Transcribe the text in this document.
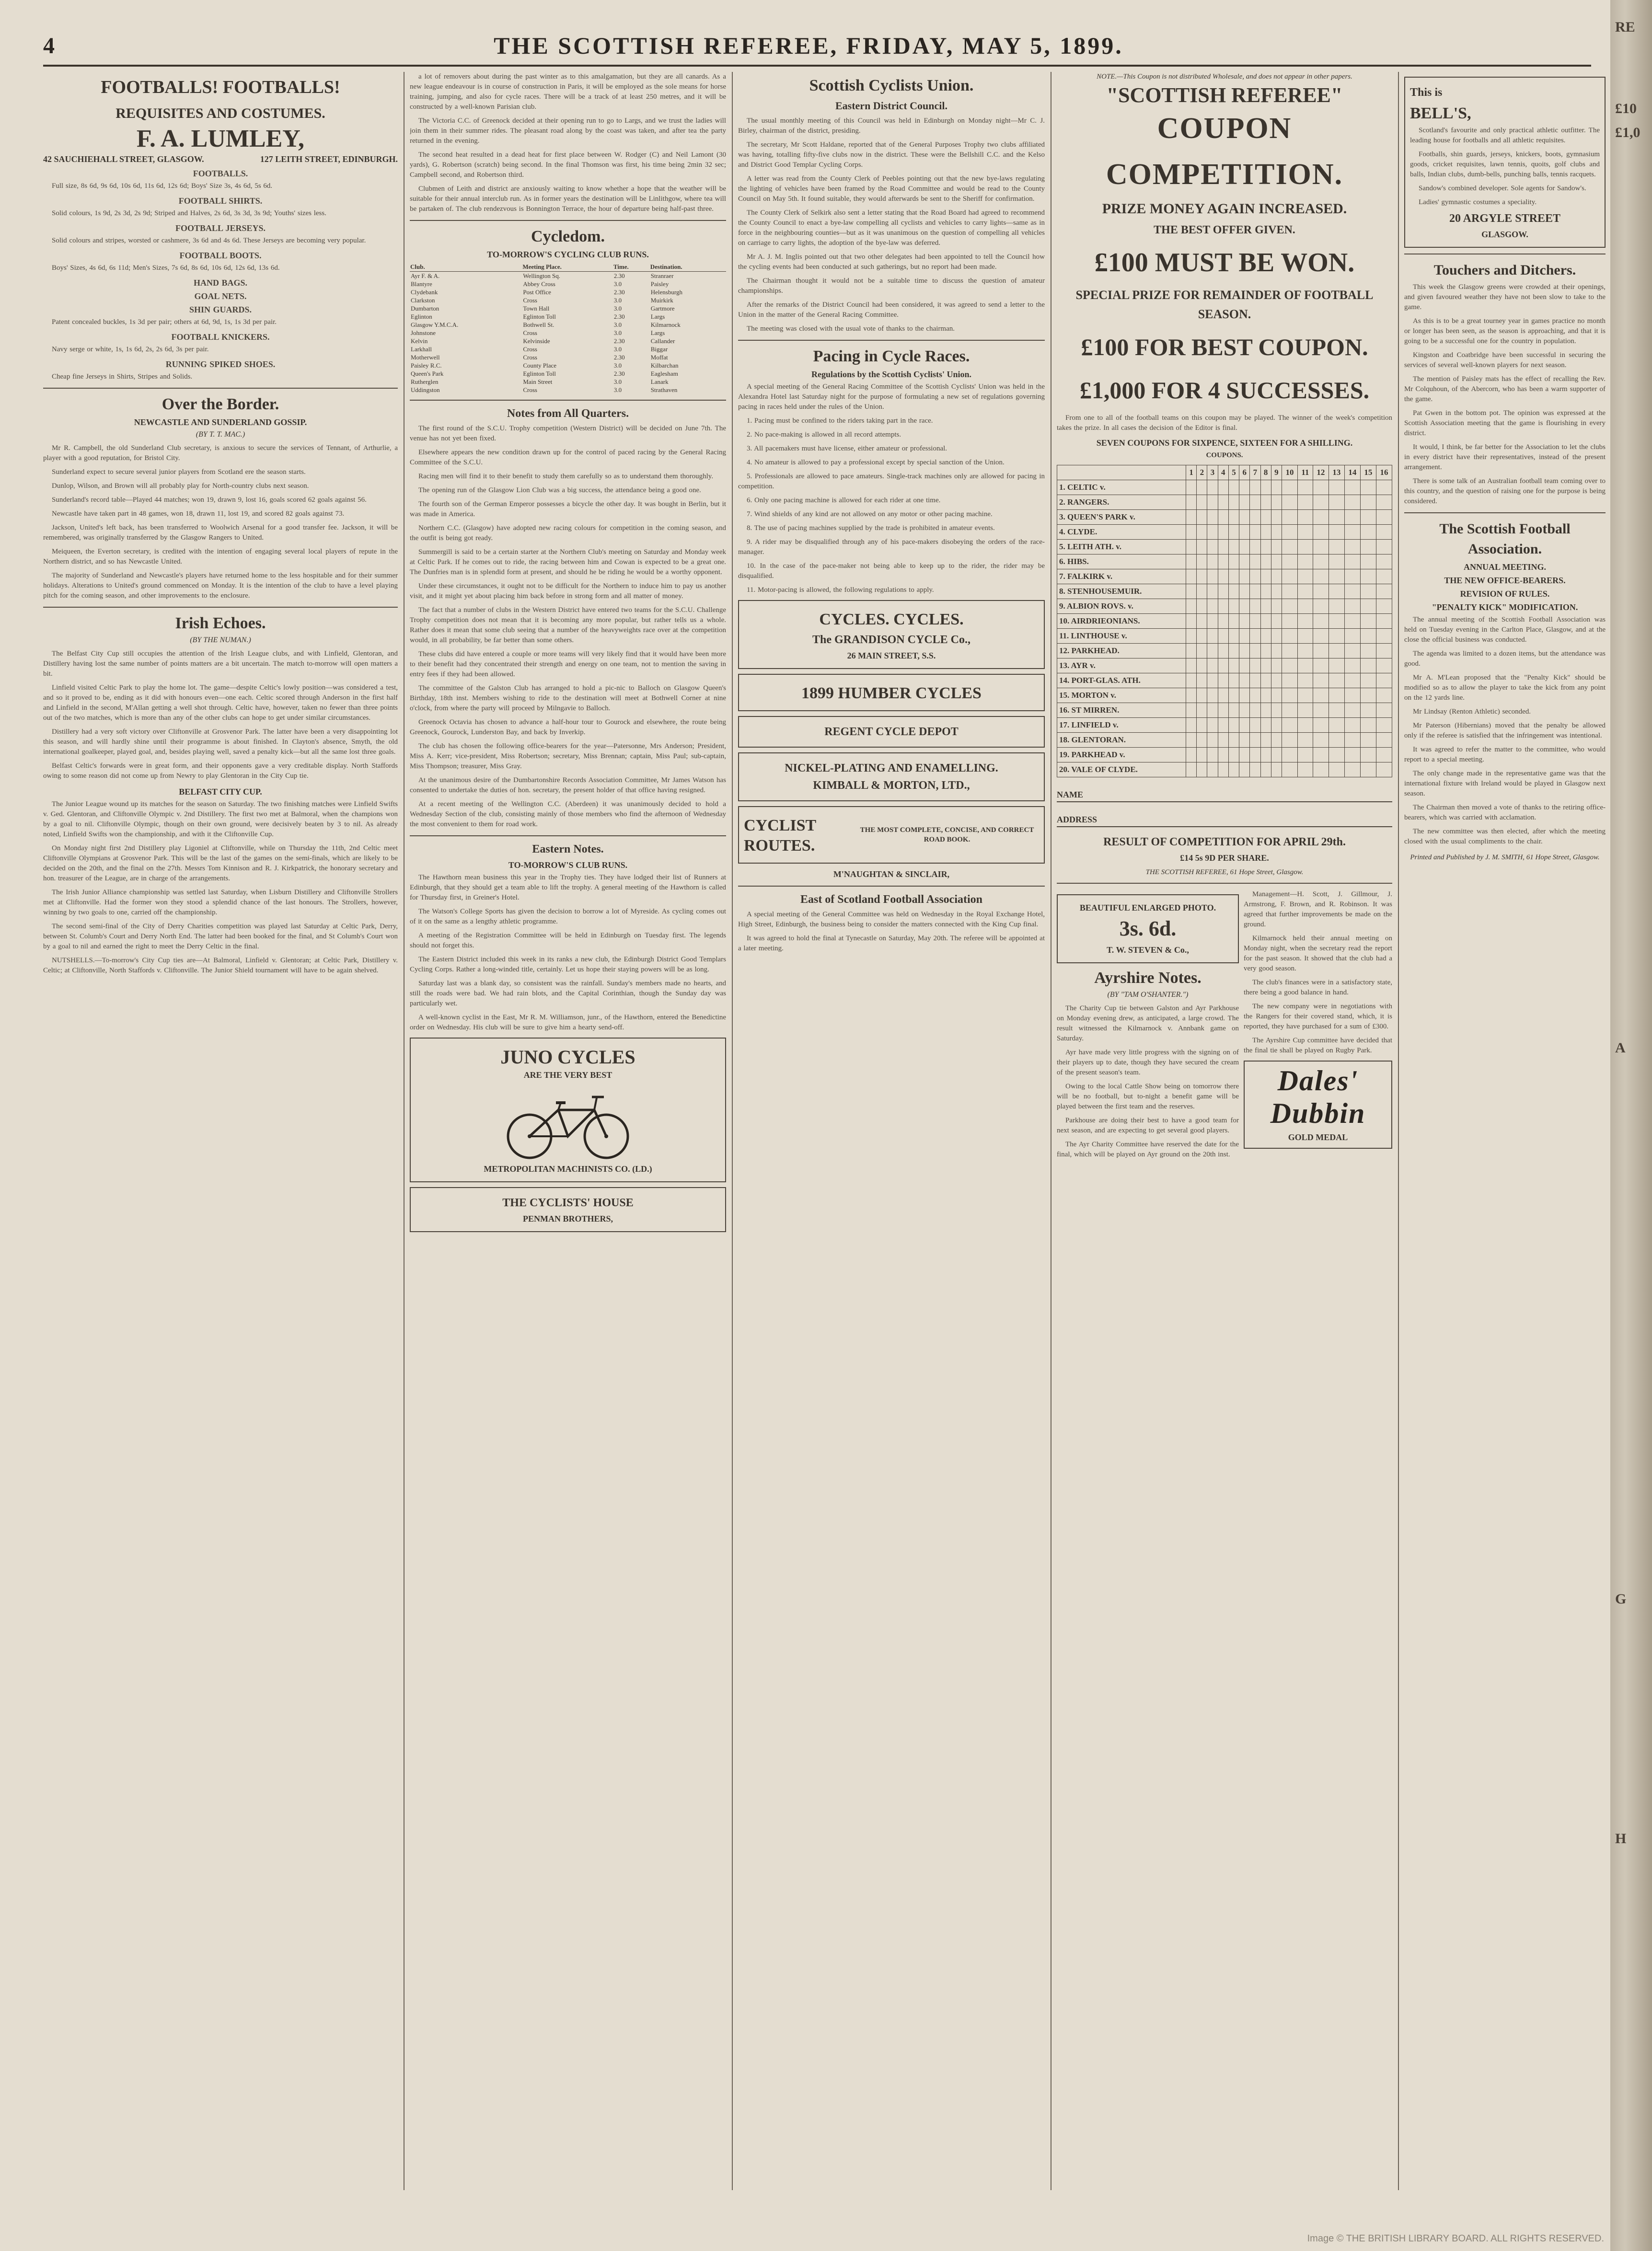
4	THE SCOTTISH REFEREE, FRIDAY, MAY 5, 1899.
FOOTBALLS! FOOTBALLS!
REQUISITES AND COSTUMES.
F. A. LUMLEY,
42 SAUCHIEHALL STREET, GLASGOW.	127 LEITH STREET, EDINBURGH.
FOOTBALLS.

Full size, 8s 6d, 9s 6d, 10s 6d, 11s 6d, 12s 6d; Boys' Size 3s, 4s 6d, 5s 6d.

FOOTBALL SHIRTS.

Solid colours, 1s 9d, 2s 3d, 2s 9d; Striped and Halves, 2s 6d, 3s 3d, 3s 9d; Youths' sizes less.

FOOTBALL JERSEYS.

Solid colours and stripes, worsted or cashmere, 3s 6d and 4s 6d. These Jerseys are becoming very popular.

FOOTBALL BOOTS.

Boys' Sizes, 4s 6d, 6s 11d; Men's Sizes, 7s 6d, 8s 6d, 10s 6d, 12s 6d, 13s 6d.

HAND BAGS.
GOAL NETS.
SHIN GUARDS.

Patent concealed buckles, 1s 3d per pair; others at 6d, 9d, 1s, 1s 3d per pair.

FOOTBALL KNICKERS.

Navy serge or white, 1s, 1s 6d, 2s, 2s 6d, 3s per pair.

RUNNING SPIKED SHOES.

Cheap fine Jerseys in Shirts, Stripes and Solids.

Over the Border.
NEWCASTLE AND SUNDERLAND GOSSIP.
(BY T. T. MAC.)

Mr R. Campbell, the old Sunderland Club secretary, is anxious to secure the services of Tennant, of Arthurlie, a player with a good reputation, for Bristol City.

Sunderland expect to secure several junior players from Scotland ere the season starts.

Dunlop, Wilson, and Brown will all probably play for North-country clubs next season.

Sunderland's record table—Played 44 matches; won 19, drawn 9, lost 16, goals scored 62 goals against 56.

Newcastle have taken part in 48 games, won 18, drawn 11, lost 19, and scored 82 goals against 73.

Jackson, United's left back, has been transferred to Woolwich Arsenal for a good transfer fee. Jackson, it will be remembered, was originally transferred by the Glasgow Rangers to United.

Meiqueen, the Everton secretary, is credited with the intention of engaging several local players of repute in the Northern district, and so has Newcastle United.

The majority of Sunderland and Newcastle's players have returned home to the less hospitable and for their summer holidays. Alterations to United's ground commenced on Monday. It is the intention of the club to have a level playing pitch for the coming season, and other improvements to the enclosure.

Irish Echoes.
(BY THE NUMAN.)

The Belfast City Cup still occupies the attention of the Irish League clubs, and with Linfield, Glentoran, and Distillery having lost the same number of points matters are a bit uncertain. The match to-morrow will open matters a bit.

Linfield visited Celtic Park to play the home lot. The game—despite Celtic's lowly position—was considered a test, and so it proved to be, ending as it did with honours even—one each. Celtic scored through Anderson in the first half and Linfield in the second, M'Allan getting a well shot through. Celtic have, however, taken no fewer than three points out of the two matches, which is more than any of the other clubs can hope to get under similar circumstances.

Distillery had a very soft victory over Cliftonville at Grosvenor Park. The latter have been a very disappointing lot this season, and will hardly shine until their programme is about finished. In Clayton's absence, Smyth, the old international goalkeeper, played goal, and, besides playing well, saved a penalty kick—but all the same lost three goals.

Belfast Celtic's forwards were in great form, and their opponents gave a very creditable display. North Staffords owing to some reason did not come up from Newry to play Glentoran in the City Cup tie.

BELFAST CITY CUP.

The Junior League wound up its matches for the season on Saturday. The two finishing matches were Linfield Swifts v. Ged. Glentoran, and Cliftonville Olympic v. 2nd Distillery. The first two met at Balmoral, when the champions won by a goal to nil. Cliftonville Olympic, though on their own ground, were decisively beaten by 3 to nil. As already noted, Linfield Swifts won the championship, and with it the Cliftonville Cup.

On Monday night first 2nd Distillery play Ligoniel at Cliftonville, while on Thursday the 11th, 2nd Celtic meet Cliftonville Olympians at Grosvenor Park. This will be the last of the games on the semi-finals, which are likely to be decided on the 20th, and the final on the 27th. Messrs Tom Kinnison and R. J. Kirkpatrick, the honorary secretary and hon. treasurer of the League, are in charge of the arrangements.

The Irish Junior Alliance championship was settled last Saturday, when Lisburn Distillery and Cliftonville Strollers met at Cliftonville. Had the former won they stood a splendid chance of the last honours. The Strollers, however, winning by two goals to one, carried off the championship.

The second semi-final of the City of Derry Charities competition was played last Saturday at Celtic Park, Derry, between St. Columb's Court and Derry North End. The latter had been booked for the final, and St Columb's Court won by a goal to nil and earned the right to meet the Derry Celtic in the final.

NUTSHELLS.—To-morrow's City Cup ties are—At Balmoral, Linfield v. Glentoran; at Celtic Park, Distillery v. Celtic; at Cliftonville, North Staffords v. Cliftonville. The Junior Shield tournament will have to be again shelved.

a lot of removers about during the past winter as to this amalgamation, but they are all canards. As a new league endeavour is in course of construction in Paris, it will be employed as the sole means for horse training, jumping, and also for cycle races. There will be a track of at least 250 metres, and it will be constructed by a well-known Parisian club.

The Victoria C.C. of Greenock decided at their opening run to go to Largs, and we trust the ladies will join them in their summer rides. The pleasant road along by the coast was taken, and after tea the party returned in the evening.

The second heat resulted in a dead heat for first place between W. Rodger (C) and Neil Lamont (30 yards), G. Robertson (scratch) being second. In the final Thomson was first, his time being 2min 32 sec; Campbell second, and Robertson third.

Clubmen of Leith and district are anxiously waiting to know whether a hope that the weather will be suitable for their annual interclub run. As in former years the destination will be Linlithgow, where tea will be partaken of. The club rendezvous is Bonnington Terrace, the hour of departure being half-past three.

Cycledom.
TO-MORROW'S CYCLING CLUB RUNS.
Club.	Meeting Place.	Time.	Destination.
Ayr F. & A.	Wellington Sq.	2.30	Stranraer
Blantyre	Abbey Cross	3.0	Paisley
Clydebank	Post Office	2.30	Helensburgh
Clarkston	Cross	3.0	Muirkirk
Dumbarton	Town Hall	3.0	Gartmore
Eglinton	Eglinton Toll	2.30	Largs
Glasgow Y.M.C.A.	Bothwell St.	3.0	Kilmarnock
Johnstone	Cross	3.0	Largs
Kelvin	Kelvinside	2.30	Callander
Larkhall	Cross	3.0	Biggar
Motherwell	Cross	2.30	Moffat
Paisley R.C.	County Place	3.0	Kilbarchan
Queen's Park	Eglinton Toll	2.30	Eaglesham
Rutherglen	Main Street	3.0	Lanark
Uddingston	Cross	3.0	Strathaven
Notes from All Quarters.

The first round of the S.C.U. Trophy competition (Western District) will be decided on June 7th. The venue has not yet been fixed.

Elsewhere appears the new condition drawn up for the control of paced racing by the General Racing Committee of the S.C.U.

Racing men will find it to their benefit to study them carefully so as to understand them thoroughly.

The opening run of the Glasgow Lion Club was a big success, the attendance being a good one.

The fourth son of the German Emperor possesses a bicycle the other day. It was bought in Berlin, but it was made in America.

Northern C.C. (Glasgow) have adopted new racing colours for competition in the coming season, and the outfit is being got ready.

Summergill is said to be a certain starter at the Northern Club's meeting on Saturday and Monday week at Celtic Park. If he comes out to ride, the racing between him and Cowan is expected to be a great one. The Dunfries man is in splendid form at present, and should he be riding he would be a worthy opponent.

Under these circumstances, it ought not to be difficult for the Northern to induce him to pay us another visit, and it might yet about placing him back before in strong form and all matter of money.

The fact that a number of clubs in the Western District have entered two teams for the S.C.U. Challenge Trophy competition does not mean that it is becoming any more popular, but rather tells us a whole. Rather does it mean that some club seeing that a number of the heavyweights race over at the competition would, in all probability, be far better than some others.

These clubs did have entered a couple or more teams will very likely find that it would have been more to their benefit had they concentrated their strength and energy on one team, not to mention the saving in entry fees if they had been allowed.

The committee of the Galston Club has arranged to hold a pic-nic to Balloch on Glasgow Queen's Birthday, 18th inst. Members wishing to ride to the destination will meet at Bothwell Corner at nine o'clock, from where the party will proceed by Milngavie to Balloch.

Greenock Octavia has chosen to advance a half-hour tour to Gourock and elsewhere, the route being Greenock, Gourock, Lunderston Bay, and back by Inverkip.

The club has chosen the following office-bearers for the year—Patersonne, Mrs Anderson; President, Miss A. Kerr; vice-president, Miss Robertson; secretary, Miss Brennan; captain, Miss Paul; sub-captain, Miss Thompson; treasurer, Miss Gray.

At the unanimous desire of the Dumbartonshire Records Association Committee, Mr James Watson has consented to undertake the duties of hon. secretary, the present holder of that office having resigned.

At a recent meeting of the Wellington C.C. (Aberdeen) it was unanimously decided to hold a Wednesday Section of the club, consisting mainly of those members who find the afternoon of Wednesday the most convenient to them for road work.

Eastern Notes.
TO-MORROW'S CLUB RUNS.

The Hawthorn mean business this year in the Trophy ties. They have lodged their list of Runners at Edinburgh, that they should get a team able to lift the trophy. A general meeting of the Hawthorn is called for Thursday first, in Greiner's Hotel.

The Watson's College Sports has given the decision to borrow a lot of Myreside. As cycling comes out of it on the same as a lengthy athletic programme.

A meeting of the Registration Committee will be held in Edinburgh on Tuesday first. The legends should not forget this.

The Eastern District included this week in its ranks a new club, the Edinburgh District Good Templars Cycling Corps. Rather a long-winded title, certainly. Let us hope their staying powers will be as long.

Saturday last was a blank day, so consistent was the rainfall. Sunday's members made no hearts, and still the roads were bad. We had rain blots, and the Capital Corinthian, though the Sunday day was particularly wet.

A well-known cyclist in the East, Mr R. M. Williamson, junr., of the Hawthorn, entered the Benedictine order on Wednesday. His club will be sure to give him a hearty send-off.

JUNO CYCLES
ARE THE VERY BEST
METROPOLITAN MACHINISTS CO. (LD.)
THE CYCLISTS' HOUSE
PENMAN BROTHERS,
Scottish Cyclists Union.
Eastern District Council.

The usual monthly meeting of this Council was held in Edinburgh on Monday night—Mr C. J. Birley, chairman of the district, presiding.

The secretary, Mr Scott Haldane, reported that of the General Purposes Trophy two clubs affiliated was having, totalling fifty-five clubs now in the district. These were the Bellshill C.C. and the Kelso and District Good Templar Cycling Corps.

A letter was read from the County Clerk of Peebles pointing out that the new bye-laws regulating the lighting of vehicles have been framed by the Road Committee and would be read to the County Council on May 5th. It found suitable, they would afterwards be sent to the Sheriff for confirmation.

The County Clerk of Selkirk also sent a letter stating that the Road Board had agreed to recommend the County Council to enact a bye-law compelling all cyclists and vehicles to carry lights—same as in force in the neighbouring counties—but as it was unanimous on the question of compelling all vehicles on carriage to carry lights, the adoption of the bye-law was deferred.

Mr A. J. M. Inglis pointed out that two other delegates had been appointed to tell the Council how the cycling events had been conducted at such gatherings, but no report had been made.

The Chairman thought it would not be a suitable time to discuss the question of amateur championships.

After the remarks of the District Council had been considered, it was agreed to send a letter to the Union in the matter of the General Racing Committee.

The meeting was closed with the usual vote of thanks to the chairman.

Pacing in Cycle Races.
Regulations by the Scottish Cyclists' Union.

A special meeting of the General Racing Committee of the Scottish Cyclists' Union was held in the Alexandra Hotel last Saturday night for the purpose of formulating a new set of regulations governing pacing in races held under the rules of the Union.

1. Pacing must be confined to the riders taking part in the race.

2. No pace-making is allowed in all record attempts.

3. All pacemakers must have license, either amateur or professional.

4. No amateur is allowed to pay a professional except by special sanction of the Union.

5. Professionals are allowed to pace amateurs. Single-track machines only are allowed for pacing in competition.

6. Only one pacing machine is allowed for each rider at one time.

7. Wind shields of any kind are not allowed on any motor or other pacing machine.

8. The use of pacing machines supplied by the trade is prohibited in amateur events.

9. A rider may be disqualified through any of his pace-makers disobeying the orders of the race-manager.

10. In the case of the pace-maker not being able to keep up to the rider, the rider may be disqualified.

11. Motor-pacing is allowed, the following regulations to apply.

CYCLES. CYCLES.
The GRANDISON CYCLE Co.,
26 MAIN STREET, S.S.
1899 HUMBER CYCLES
REGENT CYCLE DEPOT
NICKEL-PLATING AND ENAMELLING.
KIMBALL & MORTON, LTD.,
CYCLIST ROUTES.
THE MOST COMPLETE, CONCISE, AND CORRECT ROAD BOOK.
M'NAUGHTAN & SINCLAIR,
East of Scotland Football Association

A special meeting of the General Committee was held on Wednesday in the Royal Exchange Hotel, High Street, Edinburgh, the business being to consider the matters connected with the King Cup final.

It was agreed to hold the final at Tynecastle on Saturday, May 20th. The referee will be appointed at a later meeting.

NOTE.—This Coupon is not distributed Wholesale, and does not appear in other papers.
"SCOTTISH REFEREE"
COUPON COMPETITION.
PRIZE MONEY AGAIN INCREASED.
THE BEST OFFER GIVEN.
£100 MUST BE WON.
SPECIAL PRIZE FOR REMAINDER OF FOOTBALL SEASON.
£100 FOR BEST COUPON.
£1,000 FOR 4 SUCCESSES.

From one to all of the football teams on this coupon may be played. The winner of the week's competition takes the prize. In all cases the decision of the Editor is final.

SEVEN COUPONS FOR SIXPENCE, SIXTEEN FOR A SHILLING.
COUPONS.
	1	2	3	4	5	6	7	8	9	10	11	12	13	14	15	16
1. CELTIC v.																
2. RANGERS.																
3. QUEEN'S PARK v.																
4. CLYDE.																
5. LEITH ATH. v.																
6. HIBS.																
7. FALKIRK v.																
8. STENHOUSEMUIR.																
9. ALBION ROVS. v.																
10. AIRDRIEONIANS.																
11. LINTHOUSE v.																
12. PARKHEAD.																
13. AYR v.																
14. PORT-GLAS. ATH.																
15. MORTON v.																
16. ST MIRREN.																
17. LINFIELD v.																
18. GLENTORAN.																
19. PARKHEAD v.																
20. VALE OF CLYDE.																
NAME
ADDRESS
RESULT OF COMPETITION FOR APRIL 29th.
£14 5s 9D PER SHARE.
THE SCOTTISH REFEREE, 61 Hope Street, Glasgow.
BEAUTIFUL ENLARGED PHOTO.
3s. 6d.
T. W. STEVEN & Co.,
Ayrshire Notes.
(BY "TAM O'SHANTER.")

The Charity Cup tie between Galston and Ayr Parkhouse on Monday evening drew, as anticipated, a large crowd. The result witnessed the Kilmarnock v. Annbank game on Saturday.

Ayr have made very little progress with the signing on of their players up to date, though they have secured the cream of the present season's team.

Owing to the local Cattle Show being on tomorrow there will be no football, but to-night a benefit game will be played between the first team and the reserves.

Parkhouse are doing their best to have a good team for next season, and are expecting to get several good players.

The Ayr Charity Committee have reserved the date for the final, which will be played on Ayr ground on the 20th inst.

Management—H. Scott, J. Gillmour, J. Armstrong, F. Brown, and R. Robinson. It was agreed that further improvements be made on the ground.

Kilmarnock held their annual meeting on Monday night, when the secretary read the report for the past season. It showed that the club had a very good season.

The club's finances were in a satisfactory state, there being a good balance in hand.

The new company were in negotiations with the Rangers for their covered stand, which, it is reported, they have purchased for a sum of £300.

The Ayrshire Cup committee have decided that the final tie shall be played on Rugby Park.

Dales' Dubbin
GOLD MEDAL
This is
BELL'S,

Scotland's favourite and only practical athletic outfitter. The leading house for footballs and all athletic requisites.

Footballs, shin guards, jerseys, knickers, boots, gymnasium goods, cricket requisites, lawn tennis, quoits, golf clubs and balls, Indian clubs, dumb-bells, punching balls, tennis racquets.

Sandow's combined developer. Sole agents for Sandow's.

Ladies' gymnastic costumes a speciality.

20 ARGYLE STREET
GLASGOW.
Touchers and Ditchers.

This week the Glasgow greens were crowded at their openings, and given favoured weather they have not been slow to take to the game.

As this is to be a great tourney year in games practice no month or longer has been seen, as the season is approaching, and that it is going to be a successful one for the country in population.

Kingston and Coatbridge have been successful in securing the services of several well-known players for next season.

The mention of Paisley mats has the effect of recalling the Rev. Mr Colquhoun, of the Abercorn, who has been a warm supporter of the game.

Pat Gwen in the bottom pot. The opinion was expressed at the Scottish Association meeting that the game is flourishing in every district.

It would, I think, be far better for the Association to let the clubs in every district have their representatives, instead of the present arrangement.

There is some talk of an Australian football team coming over to this country, and the question of raising one for the purpose is being considered.

The Scottish Football Association.
ANNUAL MEETING.
THE NEW OFFICE-BEARERS.
REVISION OF RULES.
"PENALTY KICK" MODIFICATION.

The annual meeting of the Scottish Football Association was held on Tuesday evening in the Carlton Place, Glasgow, and at the close the official business was conducted.

The agenda was limited to a dozen items, but the attendance was good.

Mr A. M'Lean proposed that the "Penalty Kick" should be modified so as to allow the player to take the kick from any point on the 12 yards line.

Mr Lindsay (Renton Athletic) seconded.

Mr Paterson (Hibernians) moved that the penalty be allowed only if the referee is satisfied that the infringement was intentional.

It was agreed to refer the matter to the committee, who would report to a special meeting.

The only change made in the representative game was that the international fixture with Ireland would be played in Glasgow next season.

The Chairman then moved a vote of thanks to the retiring office-bearers, which was carried with acclamation.

The new committee was then elected, after which the meeting closed with the usual compliments to the chair.

Printed and Published by J. M. SMITH, 61 Hope Street, Glasgow.
RE
£10
£1,0
A
G
H
Image © THE BRITISH LIBRARY BOARD. ALL RIGHTS RESERVED.
